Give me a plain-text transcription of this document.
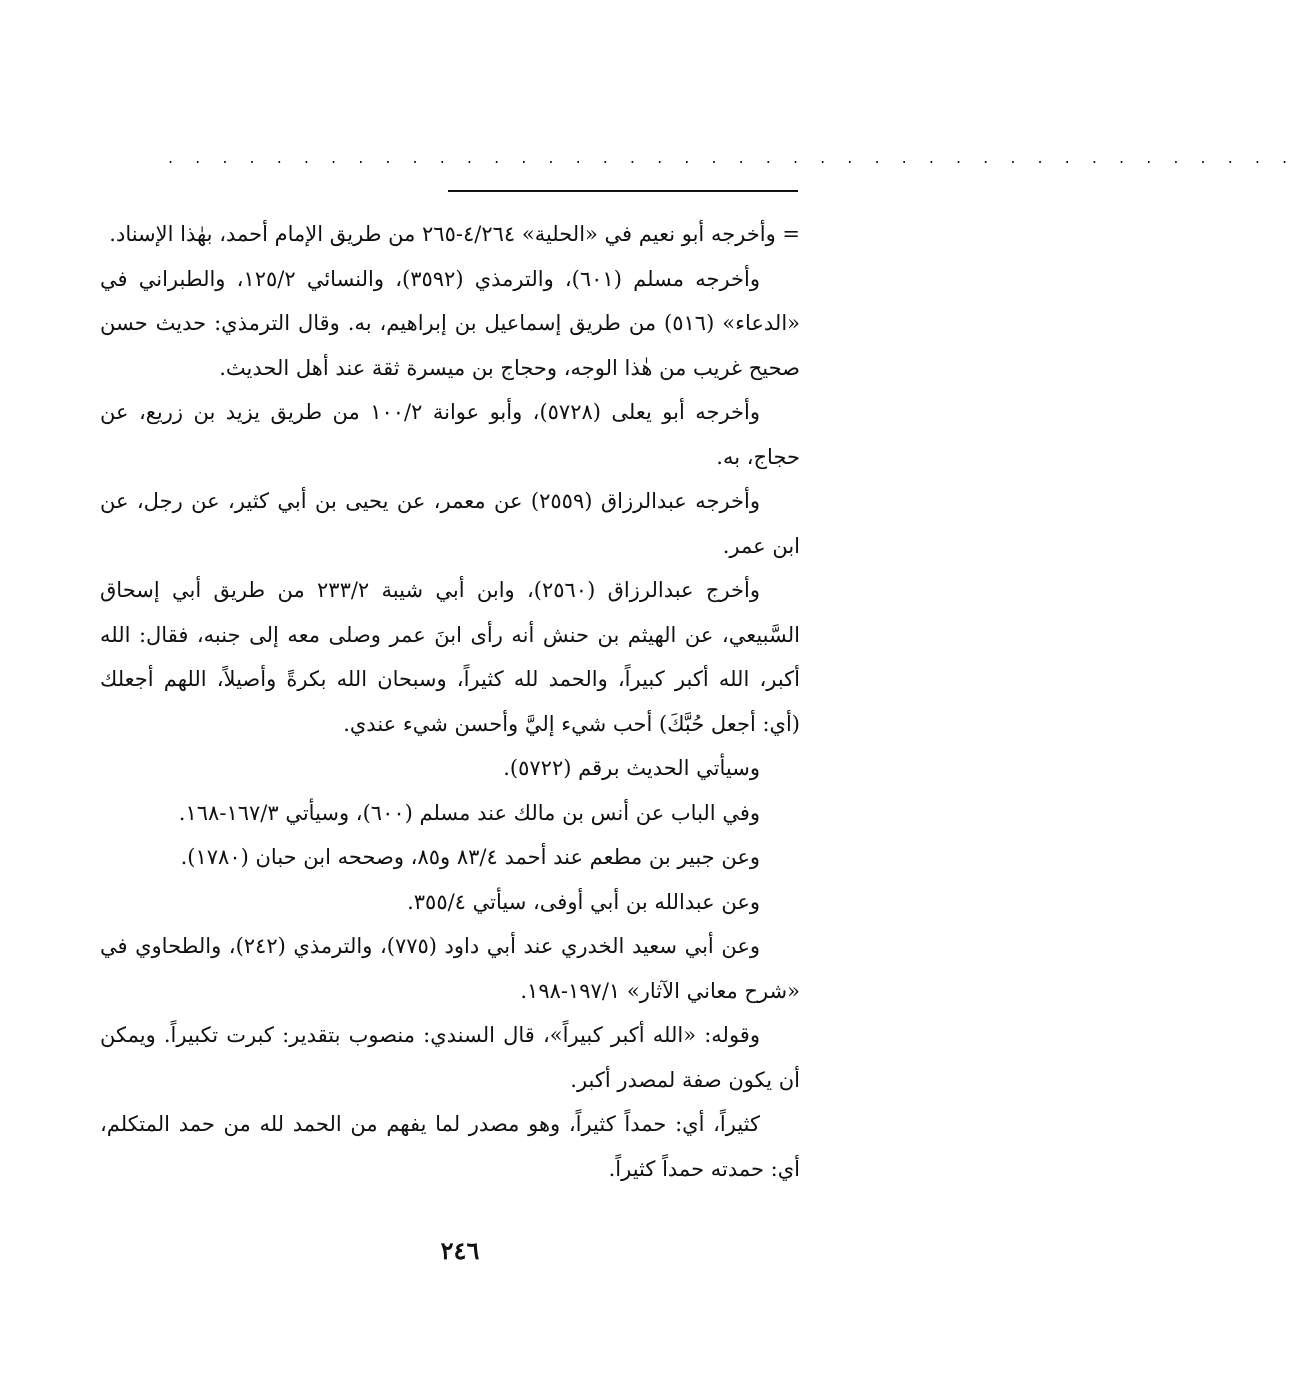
. . . . . . . . . . . . . . . . . . . . . . . . . . . . . . . . . . . . . . . . . .

= وأخرجه أبو نعيم في «الحلية» ٤/٢٦٤-٢٦٥ من طريق الإمام أحمد، بهٰذا الإسناد.

وأخرجه مسلم (٦٠١)، والترمذي (٣٥٩٢)، والنسائي ١٢٥/٢، والطبراني في «الدعاء» (٥١٦) من طريق إسماعيل بن إبراهيم، به. وقال الترمذي: حديث حسن صحيح غريب من هٰذا الوجه، وحجاج بن ميسرة ثقة عند أهل الحديث.

وأخرجه أبو يعلى (٥٧٢٨)، وأبو عوانة ١٠٠/٢ من طريق يزيد بن زريع، عن حجاج، به.

وأخرجه عبدالرزاق (٢٥٥٩) عن معمر، عن يحيى بن أبي كثير، عن رجل، عن ابن عمر.

وأخرج عبدالرزاق (٢٥٦٠)، وابن أبي شيبة ٢٣٣/٢ من طريق أبي إسحاق السَّبيعي، عن الهيثم بن حنش أنه رأى ابنَ عمر وصلى معه إلى جنبه، فقال: الله أكبر، الله أكبر كبيراً، والحمد لله كثيراً، وسبحان الله بكرةً وأصيلاً، اللهم أجعلك (أي: أجعل حُبَّكَ) أحب شيء إليَّ وأحسن شيء عندي.

وسيأتي الحديث برقم (٥٧٢٢).

وفي الباب عن أنس بن مالك عند مسلم (٦٠٠)، وسيأتي ١٦٧/٣-١٦٨.

وعن جبير بن مطعم عند أحمد ٨٣/٤ و٨٥، وصححه ابن حبان (١٧٨٠).

وعن عبدالله بن أبي أوفى، سيأتي ٣٥٥/٤.

وعن أبي سعيد الخدري عند أبي داود (٧٧٥)، والترمذي (٢٤٢)، والطحاوي في «شرح معاني الآثار» ١٩٧/١-١٩٨.

وقوله: «الله أكبر كبيراً»، قال السندي: منصوب بتقدير: كبرت تكبيراً. ويمكن أن يكون صفة لمصدر أكبر.

كثيراً، أي: حمداً كثيراً، وهو مصدر لما يفهم من الحمد لله من حمد المتكلم، أي: حمدته حمداً كثيراً.

٢٤٦
